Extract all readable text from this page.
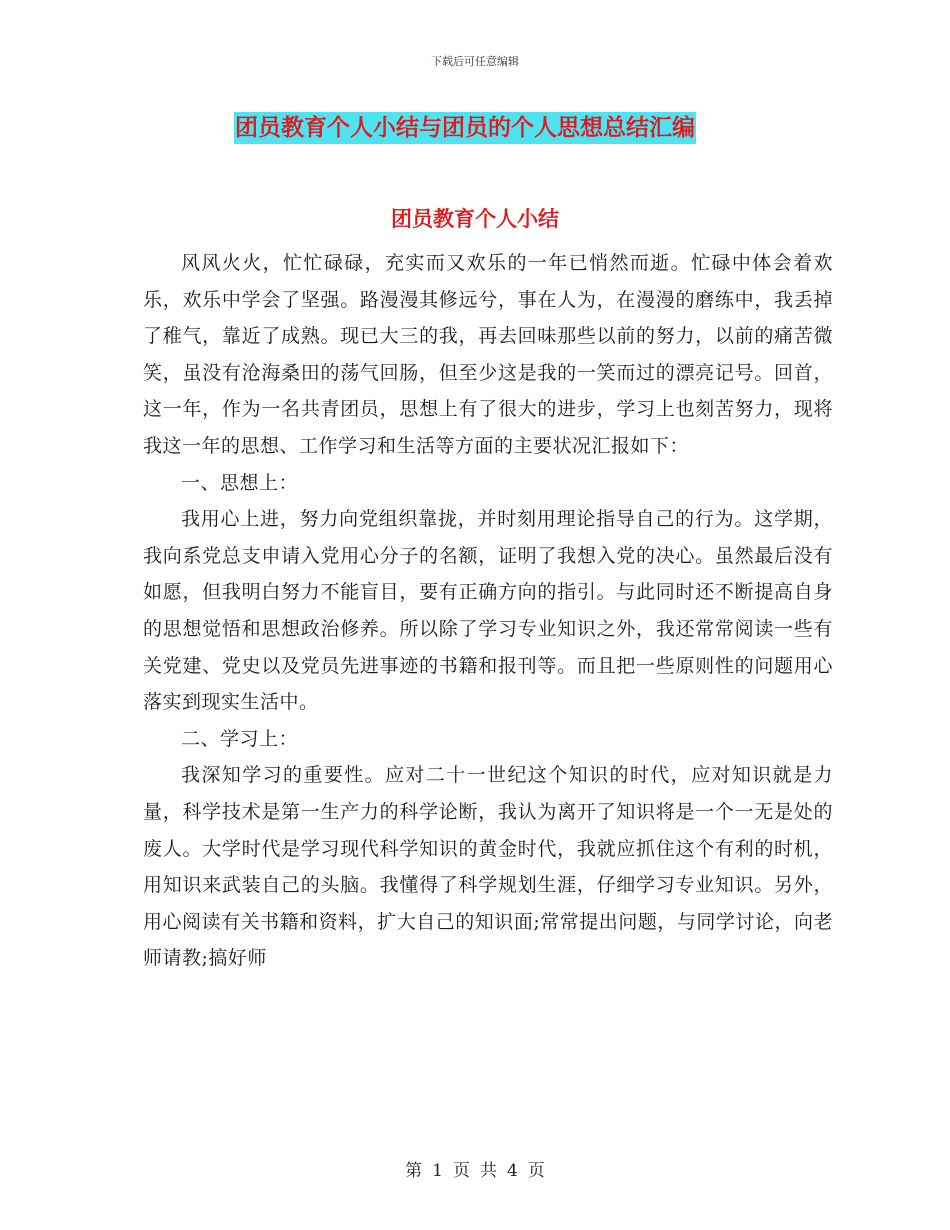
下载后可任意编辑
团员教育个人小结与团员的个人思想总结汇编
团员教育个人小结

风风火火，忙忙碌碌，充实而又欢乐的一年已悄然而逝。忙碌中体会着欢乐，欢乐中学会了坚强。路漫漫其修远兮，事在人为，在漫漫的磨练中，我丢掉了稚气，靠近了成熟。现已大三的我，再去回味那些以前的努力，以前的痛苦微笑，虽没有沧海桑田的荡气回肠，但至少这是我的一笑而过的漂亮记号。回首，这一年，作为一名共青团员，思想上有了很大的进步，学习上也刻苦努力，现将我这一年的思想、工作学习和生活等方面的主要状况汇报如下：

一、思想上：

我用心上进，努力向党组织靠拢，并时刻用理论指导自己的行为。这学期，我向系党总支申请入党用心分子的名额，证明了我想入党的决心。虽然最后没有如愿，但我明白努力不能盲目，要有正确方向的指引。与此同时还不断提高自身的思想觉悟和思想政治修养。所以除了学习专业知识之外，我还常常阅读一些有关党建、党史以及党员先进事迹的书籍和报刊等。而且把一些原则性的问题用心落实到现实生活中。

二、学习上：

我深知学习的重要性。应对二十一世纪这个知识的时代，应对知识就是力量，科学技术是第一生产力的科学论断，我认为离开了知识将是一个一无是处的废人。大学时代是学习现代科学知识的黄金时代，我就应抓住这个有利的时机，用知识来武装自己的头脑。我懂得了科学规划生涯，仔细学习专业知识。另外，用心阅读有关书籍和资料，扩大自己的知识面;常常提出问题，与同学讨论，向老师请教;搞好师

第 1 页 共 4 页
